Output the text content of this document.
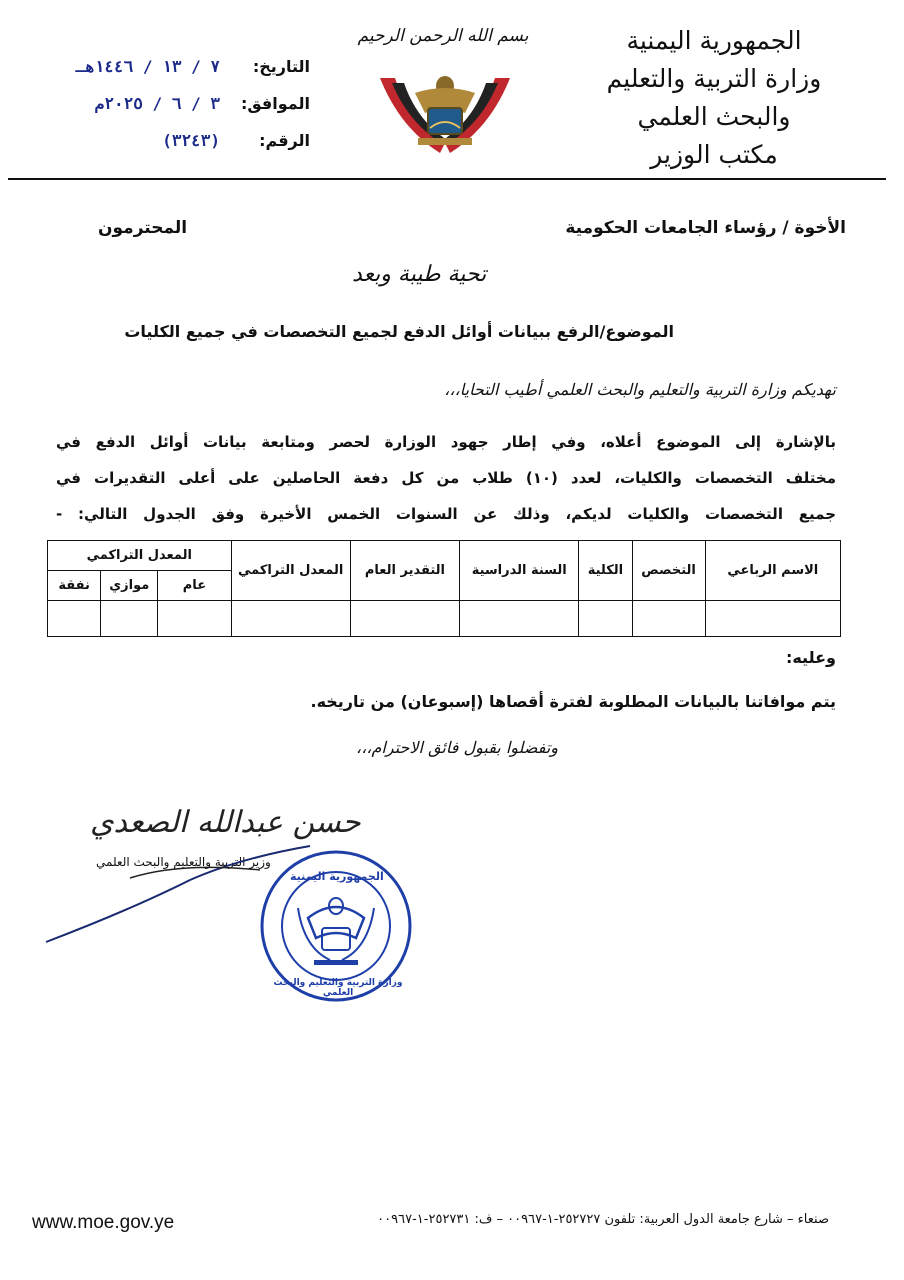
الجمهورية اليمنية
وزارة التربية والتعليم والبحث العلمي
مكتب الوزير
بسم الله الرحمن الرحيم
التاريخ:
٧ / ١٣ / ١٤٤٦هـ
الموافق:
٣ / ٦ / ٢٠٢٥م
الرقم:
(٣٢٤٣)
الأخوة / رؤساء الجامعات الحكومية
المحترمون
تحية طيبة وبعد
الموضوع/الرفع ببيانات أوائل الدفع لجميع التخصصات في جميع الكليات
تهديكم وزارة التربية والتعليم والبحث العلمي أطيب التحايا،،،

بالإشارة إلى الموضوع أعلاه، وفي إطار جهود الوزارة لحصر ومتابعة بيانات أوائل الدفع في

مختلف التخصصات والكليات، لعدد (١٠) طلاب من كل دفعة الحاصلين على أعلى التقديرات في

جميع التخصصات والكليات لديكم، وذلك عن السنوات الخمس الأخيرة وفق الجدول التالي: -

الاسم الرباعي	التخصص	الكلية	السنة الدراسية	التقدير العام	المعدل التراكمي	المعدل التراكمي		
						عام	موازي	نفقة

وعليه:
يتم موافاتنا بالبيانات المطلوبة لفترة أقصاها (إسبوعان) من تاريخه.
وتفضلوا بقبول فائق الاحترام،،،
حسن عبدالله الصعدي
وزير التربية والتعليم والبحث العلمي
الجمهورية اليمنية
وزارة التربية والتعليم والبحث العلمي
صنعاء – شارع جامعة الدول العربية: تلفون ٢٥٢٧٢٧-١-٠٠٩٦٧ – ف: ٢٥٢٧٣١-١-٠٠٩٦٧
www.moe.gov.ye
